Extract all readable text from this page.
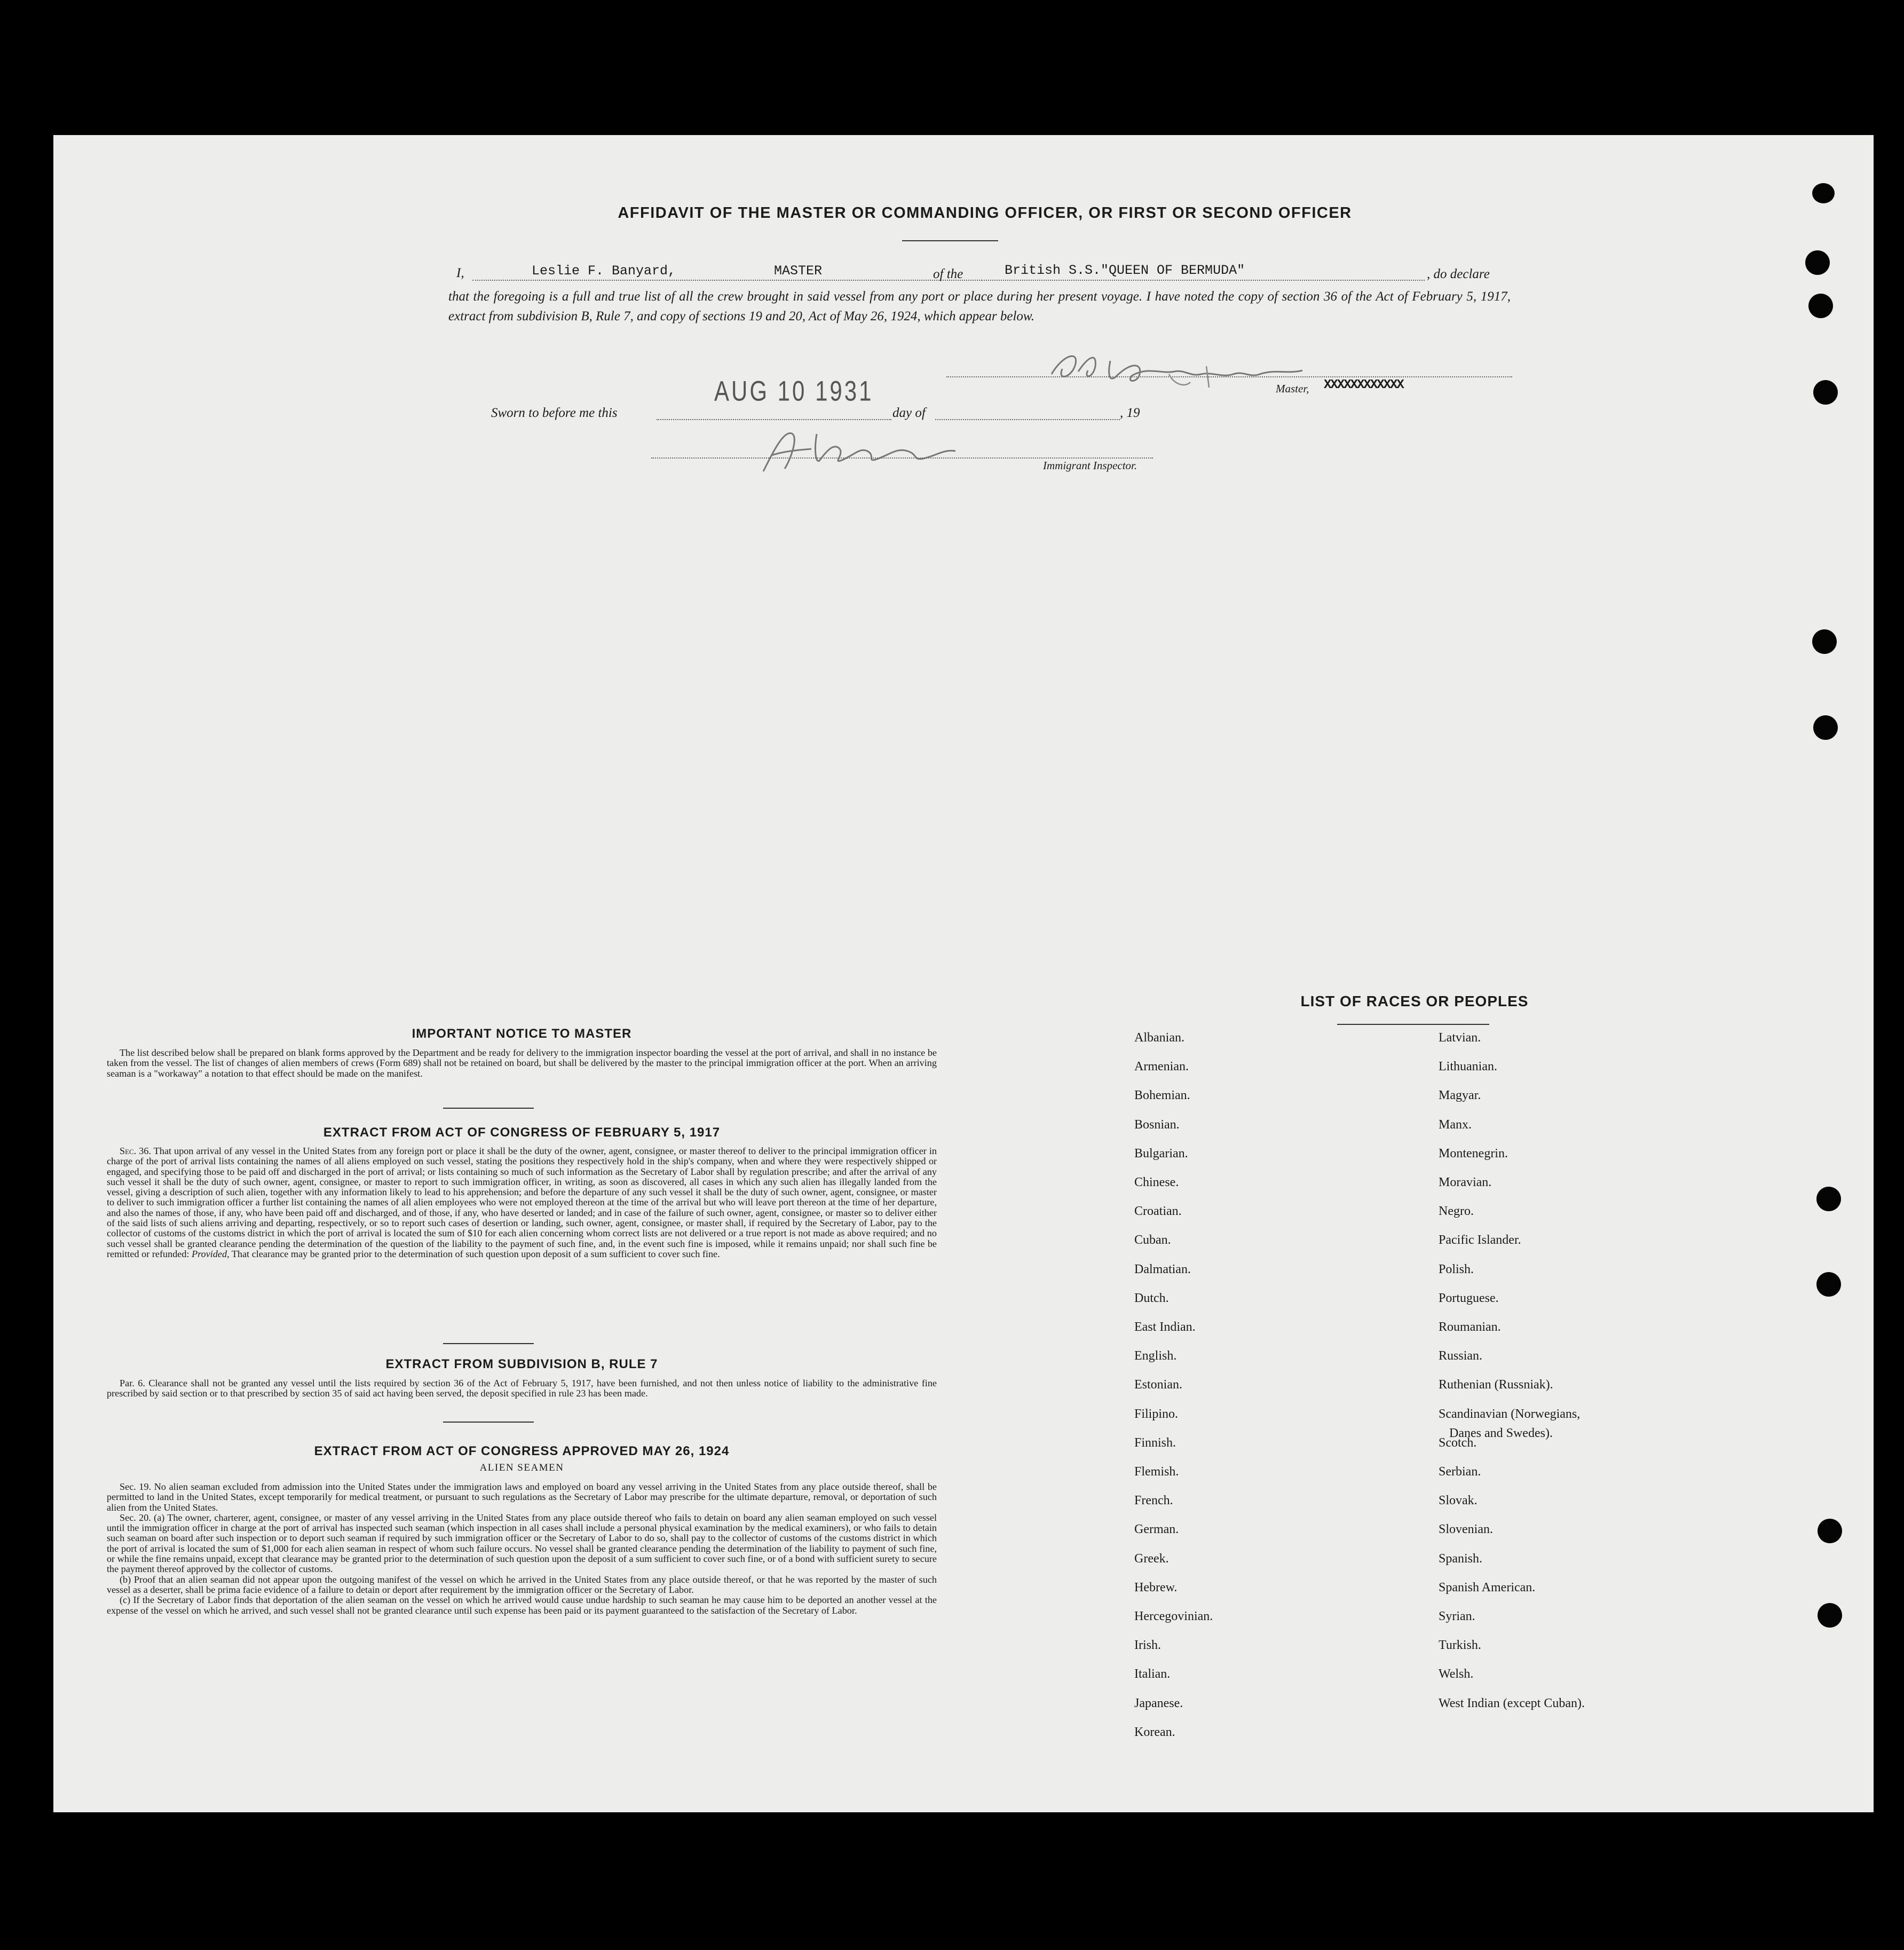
AFFIDAVIT OF THE MASTER OR COMMANDING OFFICER, OR FIRST OR SECOND OFFICER
I,	Leslie F. Banyard,	MASTER	of the	British S.S."QUEEN OF BERMUDA"	, do declare
that the foregoing is a full and true list of all the crew brought in said vessel from any port or place during her present voyage. I have noted the copy of section 36 of the Act of February 5, 1917, extract from subdivision B, Rule 7, and copy of sections 19 and 20, Act of May 26, 1924, which appear below.
Master, XXXXXXXXXXXX
Sworn to before me this
AUG 10 1931
day of	, 19
Immigrant Inspector.
IMPORTANT NOTICE TO MASTER

The list described below shall be prepared on blank forms approved by the Department and be ready for delivery to the immigration inspector boarding the vessel at the port of arrival, and shall in no instance be taken from the vessel. The list of changes of alien members of crews (Form 689) shall not be retained on board, but shall be delivered by the master to the principal immigration officer at the port. When an arriving seaman is a "workaway" a notation to that effect should be made on the manifest.

EXTRACT FROM ACT OF CONGRESS OF FEBRUARY 5, 1917

Sec. 36. That upon arrival of any vessel in the United States from any foreign port or place it shall be the duty of the owner, agent, consignee, or master thereof to deliver to the principal immigration officer in charge of the port of arrival lists containing the names of all aliens employed on such vessel, stating the positions they respectively hold in the ship's company, when and where they were respectively shipped or engaged, and specifying those to be paid off and discharged in the port of arrival; or lists containing so much of such information as the Secretary of Labor shall by regulation prescribe; and after the arrival of any such vessel it shall be the duty of such owner, agent, consignee, or master to report to such immigration officer, in writing, as soon as discovered, all cases in which any such alien has illegally landed from the vessel, giving a description of such alien, together with any information likely to lead to his apprehension; and before the departure of any such vessel it shall be the duty of such owner, agent, consignee, or master to deliver to such immigration officer a further list containing the names of all alien employees who were not employed thereon at the time of the arrival but who will leave port thereon at the time of her departure, and also the names of those, if any, who have been paid off and discharged, and of those, if any, who have deserted or landed; and in case of the failure of such owner, agent, consignee, or master so to deliver either of the said lists of such aliens arriving and departing, respectively, or so to report such cases of desertion or landing, such owner, agent, consignee, or master shall, if required by the Secretary of Labor, pay to the collector of customs of the customs district in which the port of arrival is located the sum of $10 for each alien concerning whom correct lists are not delivered or a true report is not made as above required; and no such vessel shall be granted clearance pending the determination of the question of the liability to the payment of such fine, and, in the event such fine is imposed, while it remains unpaid; nor shall such fine be remitted or refunded: Provided, That clearance may be granted prior to the determination of such question upon deposit of a sum sufficient to cover such fine.

EXTRACT FROM SUBDIVISION B, RULE 7

Par. 6. Clearance shall not be granted any vessel until the lists required by section 36 of the Act of February 5, 1917, have been furnished, and not then unless notice of liability to the administrative fine prescribed by said section or to that prescribed by section 35 of said act having been served, the deposit specified in rule 23 has been made.

EXTRACT FROM ACT OF CONGRESS APPROVED MAY 26, 1924
ALIEN SEAMEN

Sec. 19. No alien seaman excluded from admission into the United States under the immigration laws and employed on board any vessel arriving in the United States from any place outside thereof, shall be permitted to land in the United States, except temporarily for medical treatment, or pursuant to such regulations as the Secretary of Labor may prescribe for the ultimate departure, removal, or deportation of such alien from the United States.

Sec. 20. (a) The owner, charterer, agent, consignee, or master of any vessel arriving in the United States from any place outside thereof who fails to detain on board any alien seaman employed on such vessel until the immigration officer in charge at the port of arrival has inspected such seaman (which inspection in all cases shall include a personal physical examination by the medical examiners), or who fails to detain such seaman on board after such inspection or to deport such seaman if required by such immigration officer or the Secretary of Labor to do so, shall pay to the collector of customs of the customs district in which the port of arrival is located the sum of $1,000 for each alien seaman in respect of whom such failure occurs. No vessel shall be granted clearance pending the determination of the liability to payment of such fine, or while the fine remains unpaid, except that clearance may be granted prior to the determination of such question upon the deposit of a sum sufficient to cover such fine, or of a bond with sufficient surety to secure the payment thereof approved by the collector of customs.

(b) Proof that an alien seaman did not appear upon the outgoing manifest of the vessel on which he arrived in the United States from any place outside thereof, or that he was reported by the master of such vessel as a deserter, shall be prima facie evidence of a failure to detain or deport after requirement by the immigration officer or the Secretary of Labor.

(c) If the Secretary of Labor finds that deportation of the alien seaman on the vessel on which he arrived would cause undue hardship to such seaman he may cause him to be deported an another vessel at the expense of the vessel on which he arrived, and such vessel shall not be granted clearance until such expense has been paid or its payment guaranteed to the satisfaction of the Secretary of Labor.

LIST OF RACES OR PEOPLES
Danes and Swedes).
Albanian.
Armenian.
Bohemian.
Bosnian.
Bulgarian.
Chinese.
Croatian.
Cuban.
Dalmatian.
Dutch.
East Indian.
English.
Estonian.
Filipino.
Finnish.
Flemish.
French.
German.
Greek.
Hebrew.
Hercegovinian.
Irish.
Italian.
Japanese.
Korean.
Latvian.
Lithuanian.
Magyar.
Manx.
Montenegrin.
Moravian.
Negro.
Pacific Islander.
Polish.
Portuguese.
Roumanian.
Russian.
Ruthenian (Russniak).
Scandinavian (Norwegians,
Scotch.
Serbian.
Slovak.
Slovenian.
Spanish.
Spanish American.
Syrian.
Turkish.
Welsh.
West Indian (except Cuban).
